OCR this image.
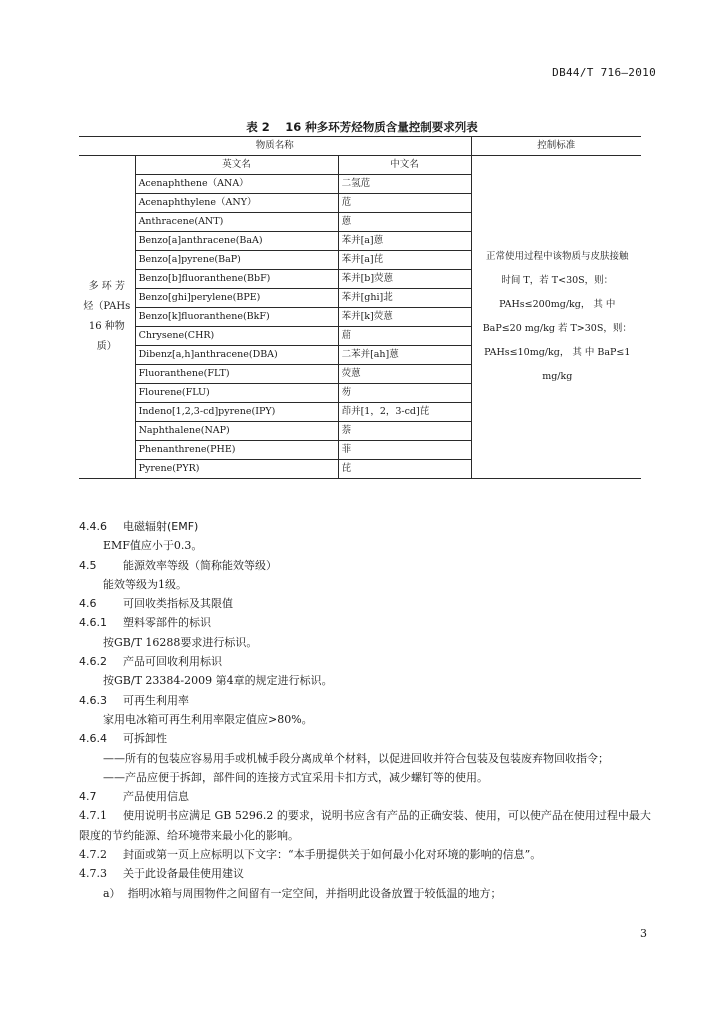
DB44/T 716—2010
表 2　 16 种多环芳烃物质含量控制要求列表
物质名称			控制标准
多 环 芳 烃（PAHs 16 种物质）	英文名	中文名	正常使用过程中该物质与皮肤接触时间 T，若 T<30S，则：PAHs≤200mg/kg， 其 中 BaP≤20 mg/kg 若 T>30S，则：PAHs≤10mg/kg， 其 中 BaP≤1 mg/kg
	Acenaphthene（ANA）	二氢苊	
	Acenaphthylene（ANY）	苊	
	Anthracene(ANT)	蒽	
	Benzo[a]anthracene(BaA)	苯并[a]蒽	
	Benzo[a]pyrene(BaP)	苯并[a]芘	
	Benzo[b]fluoranthene(BbF)	苯并[b]荧蒽	
	Benzo[ghi]perylene(BPE)	苯并[ghi]苝	
	Benzo[k]fluoranthene(BkF)	苯并[k]荧蒽	
	Chrysene(CHR)	䓛	
	Dibenz[a,h]anthracene(DBA)	二苯并[ah]蒽	
	Fluoranthene(FLT)	荧蒽	
	Flourene(FLU)	芴	
	Indeno[1,2,3-cd]pyrene(IPY)	茚并[1，2，3-cd]芘	
	Naphthalene(NAP)	萘	
	Phenanthrene(PHE)	菲	
	Pyrene(PYR)	芘	
4.4.6 电磁辐射(EMF)
EMF值应小于0.3。
4.5 能源效率等级（简称能效等级）
能效等级为1级。
4.6 可回收类指标及其限值
4.6.1 塑料零部件的标识
按GB/T 16288要求进行标识。
4.6.2 产品可回收利用标识
按GB/T 23384-2009 第4章的规定进行标识。
4.6.3 可再生利用率
家用电冰箱可再生利用率限定值应>80%。
4.6.4 可拆卸性
——所有的包装应容易用手或机械手段分离成单个材料，以促进回收并符合包装及包装废弃物回收指令；
——产品应便于拆卸，部件间的连接方式宜采用卡扣方式，减少螺钉等的使用。
4.7 产品使用信息
4.7.1 使用说明书应满足 GB 5296.2 的要求，说明书应含有产品的正确安装、使用，可以使产品在使用过程中最大限度的节约能源、给环境带来最小化的影响。
4.7.2 封面或第一页上应标明以下文字：“本手册提供关于如何最小化对环境的影响的信息”。
4.7.3 关于此设备最佳使用建议
a） 指明冰箱与周围物件之间留有一定空间，并指明此设备放置于较低温的地方；
3
